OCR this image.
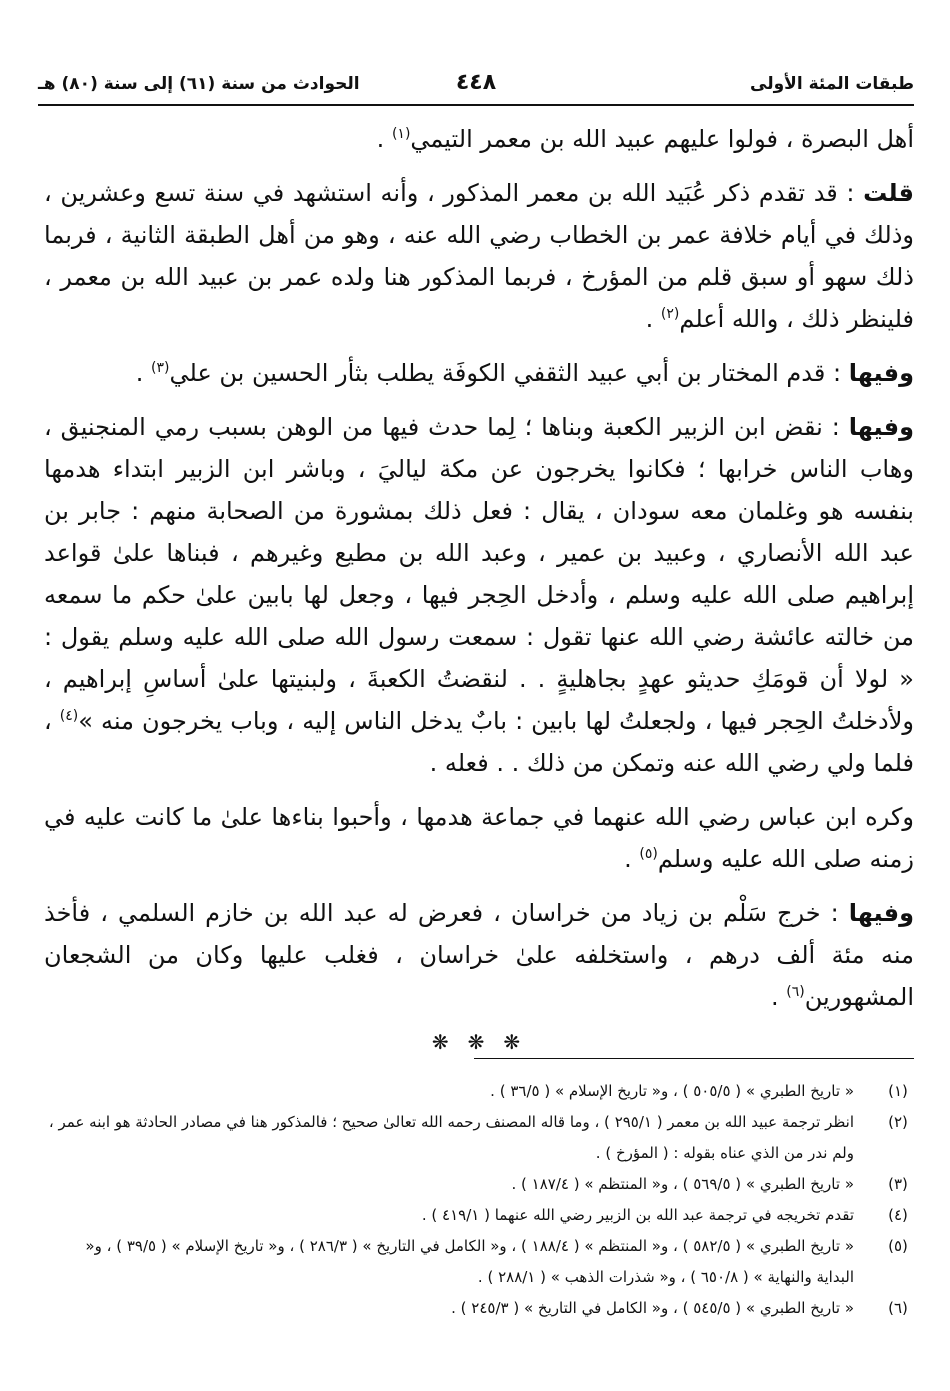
طبقات المئة الأولى
٤٤٨
الحوادث من سنة (٦١) إلى سنة (٨٠) هـ

أهل البصرة ، فولوا عليهم عبيد الله بن معمر التيمي$^{(١)}$ .

قلت : قد تقدم ذكر عُبَيد الله بن معمر المذكور ، وأنه استشهد في سنة تسع وعشرين ، وذلك في أيام خلافة عمر بن الخطاب رضي الله عنه ، وهو من أهل الطبقة الثانية ، فربما ذلك سهو أو سبق قلم من المؤرخ ، فربما المذكور هنا ولده عمر بن عبيد الله بن معمر ، فلينظر ذلك ، والله أعلم$^{(٢)}$ .

وفيها : قدم المختار بن أبي عبيد الثقفي الكوفَة يطلب بثأر الحسين بن علي$^{(٣)}$ .

وفيها : نقض ابن الزبير الكعبة وبناها ؛ لِما حدث فيها من الوهن بسبب رمي المنجنيق ، وهاب الناس خرابها ؛ فكانوا يخرجون عن مكة لياليَ ، وباشر ابن الزبير ابتداء هدمها بنفسه هو وغلمان معه سودان ، يقال : فعل ذلك بمشورة من الصحابة منهم : جابر بن عبد الله الأنصاري ، وعبيد بن عمير ، وعبد الله بن مطيع وغيرهم ، فبناها علىٰ قواعد إبراهيم صلى الله عليه وسلم ، وأدخل الحِجر فيها ، وجعل لها بابين علىٰ حكم ما سمعه من خالته عائشة رضي الله عنها تقول : سمعت رسول الله صلى الله عليه وسلم يقول : « لولا أن قومَكِ حديثو عهدٍ بجاهليةٍ . . لنقضتُ الكعبةَ ، ولبنيتها علىٰ أساسِ إبراهيم ، ولأدخلتُ الحِجر فيها ، ولجعلتُ لها بابين : بابٌ يدخل الناس إليه ، وباب يخرجون منه »$^{(٤)}$ ، فلما ولي رضي الله عنه وتمكن من ذلك . . فعله .

وكره ابن عباس رضي الله عنهما في جماعة هدمها ، وأحبوا بناءها علىٰ ما كانت عليه في زمنه صلى الله عليه وسلم$^{(٥)}$ .

وفيها : خرج سَلْم بن زياد من خراسان ، فعرض له عبد الله بن خازم السلمي ، فأخذ منه مئة ألف درهم ، واستخلفه علىٰ خراسان ، فغلب عليها وكان من الشجعان المشهورين$^{(٦)}$ .

❋ ❋ ❋
(١)
« تاريخ الطبري » ( ٥٠٥/٥ ) ، و« تاريخ الإسلام » ( ٣٦/٥ ) .
(٢)
انظر ترجمة عبيد الله بن معمر ( ٢٩٥/١ ) ، وما قاله المصنف رحمه الله تعالىٰ صحيح ؛ فالمذكور هنا في مصادر الحادثة هو ابنه عمر ، ولم ندر من الذي عناه بقوله : ( المؤرخ ) .
(٣)
« تاريخ الطبري » ( ٥٦٩/٥ ) ، و« المنتظم » ( ١٨٧/٤ ) .
(٤)
تقدم تخريجه في ترجمة عبد الله بن الزبير رضي الله عنهما ( ٤١٩/١ ) .
(٥)
« تاريخ الطبري » ( ٥٨٢/٥ ) ، و« المنتظم » ( ١٨٨/٤ ) ، و« الكامل في التاريخ » ( ٢٨٦/٣ ) ، و« تاريخ الإسلام » ( ٣٩/٥ ) ، و« البداية والنهاية » ( ٦٥٠/٨ ) ، و« شذرات الذهب » ( ٢٨٨/١ ) .
(٦)
« تاريخ الطبري » ( ٥٤٥/٥ ) ، و« الكامل في التاريخ » ( ٢٤٥/٣ ) .
